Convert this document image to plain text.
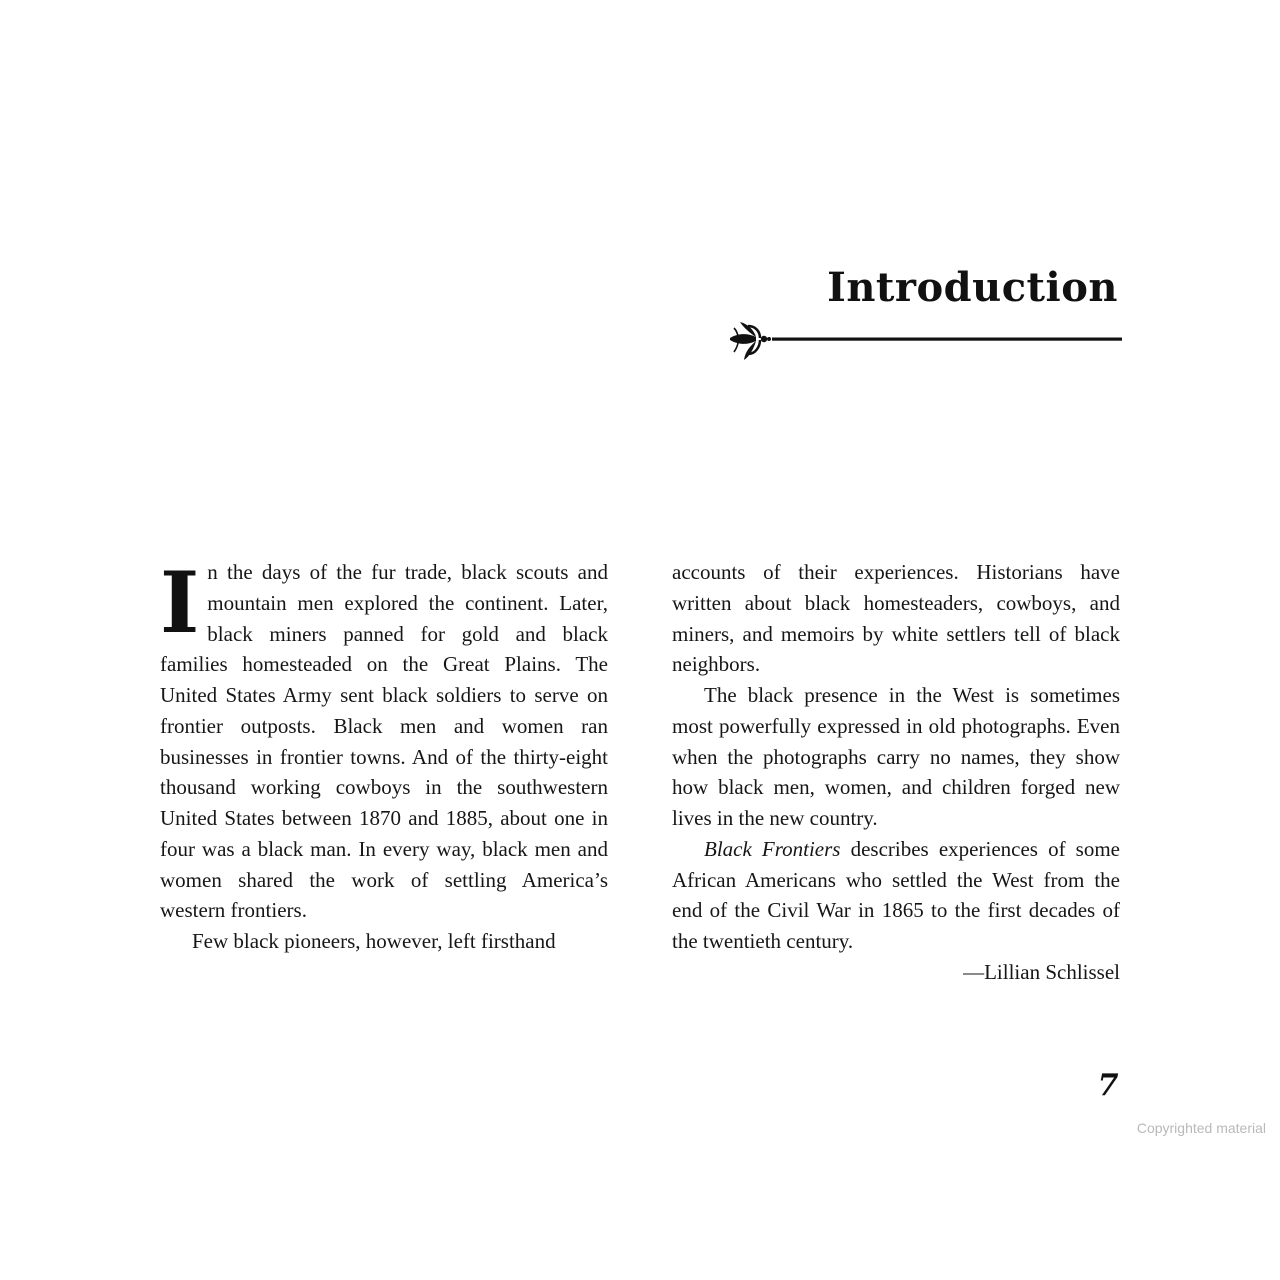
Introduction

In the days of the fur trade, black scouts and mountain men explored the continent. Later, black miners panned for gold and black families homesteaded on the Great Plains. The United States Army sent black soldiers to serve on frontier outposts. Black men and women ran businesses in frontier towns. And of the thirty-eight thousand working cowboys in the southwestern United States between 1870 and 1885, about one in four was a black man. In every way, black men and women shared the work of settling America’s western frontiers.

Few black pioneers, however, left firsthand

accounts of their experiences. Historians have written about black homesteaders, cowboys, and miners, and memoirs by white settlers tell of black neighbors.

The black presence in the West is sometimes most powerfully expressed in old photographs. Even when the photographs carry no names, they show how black men, women, and children forged new lives in the new country.

Black Frontiers describes experiences of some African Americans who settled the West from the end of the Civil War in 1865 to the first decades of the twentieth century.

—Lillian Schlissel

7
Copyrighted material
